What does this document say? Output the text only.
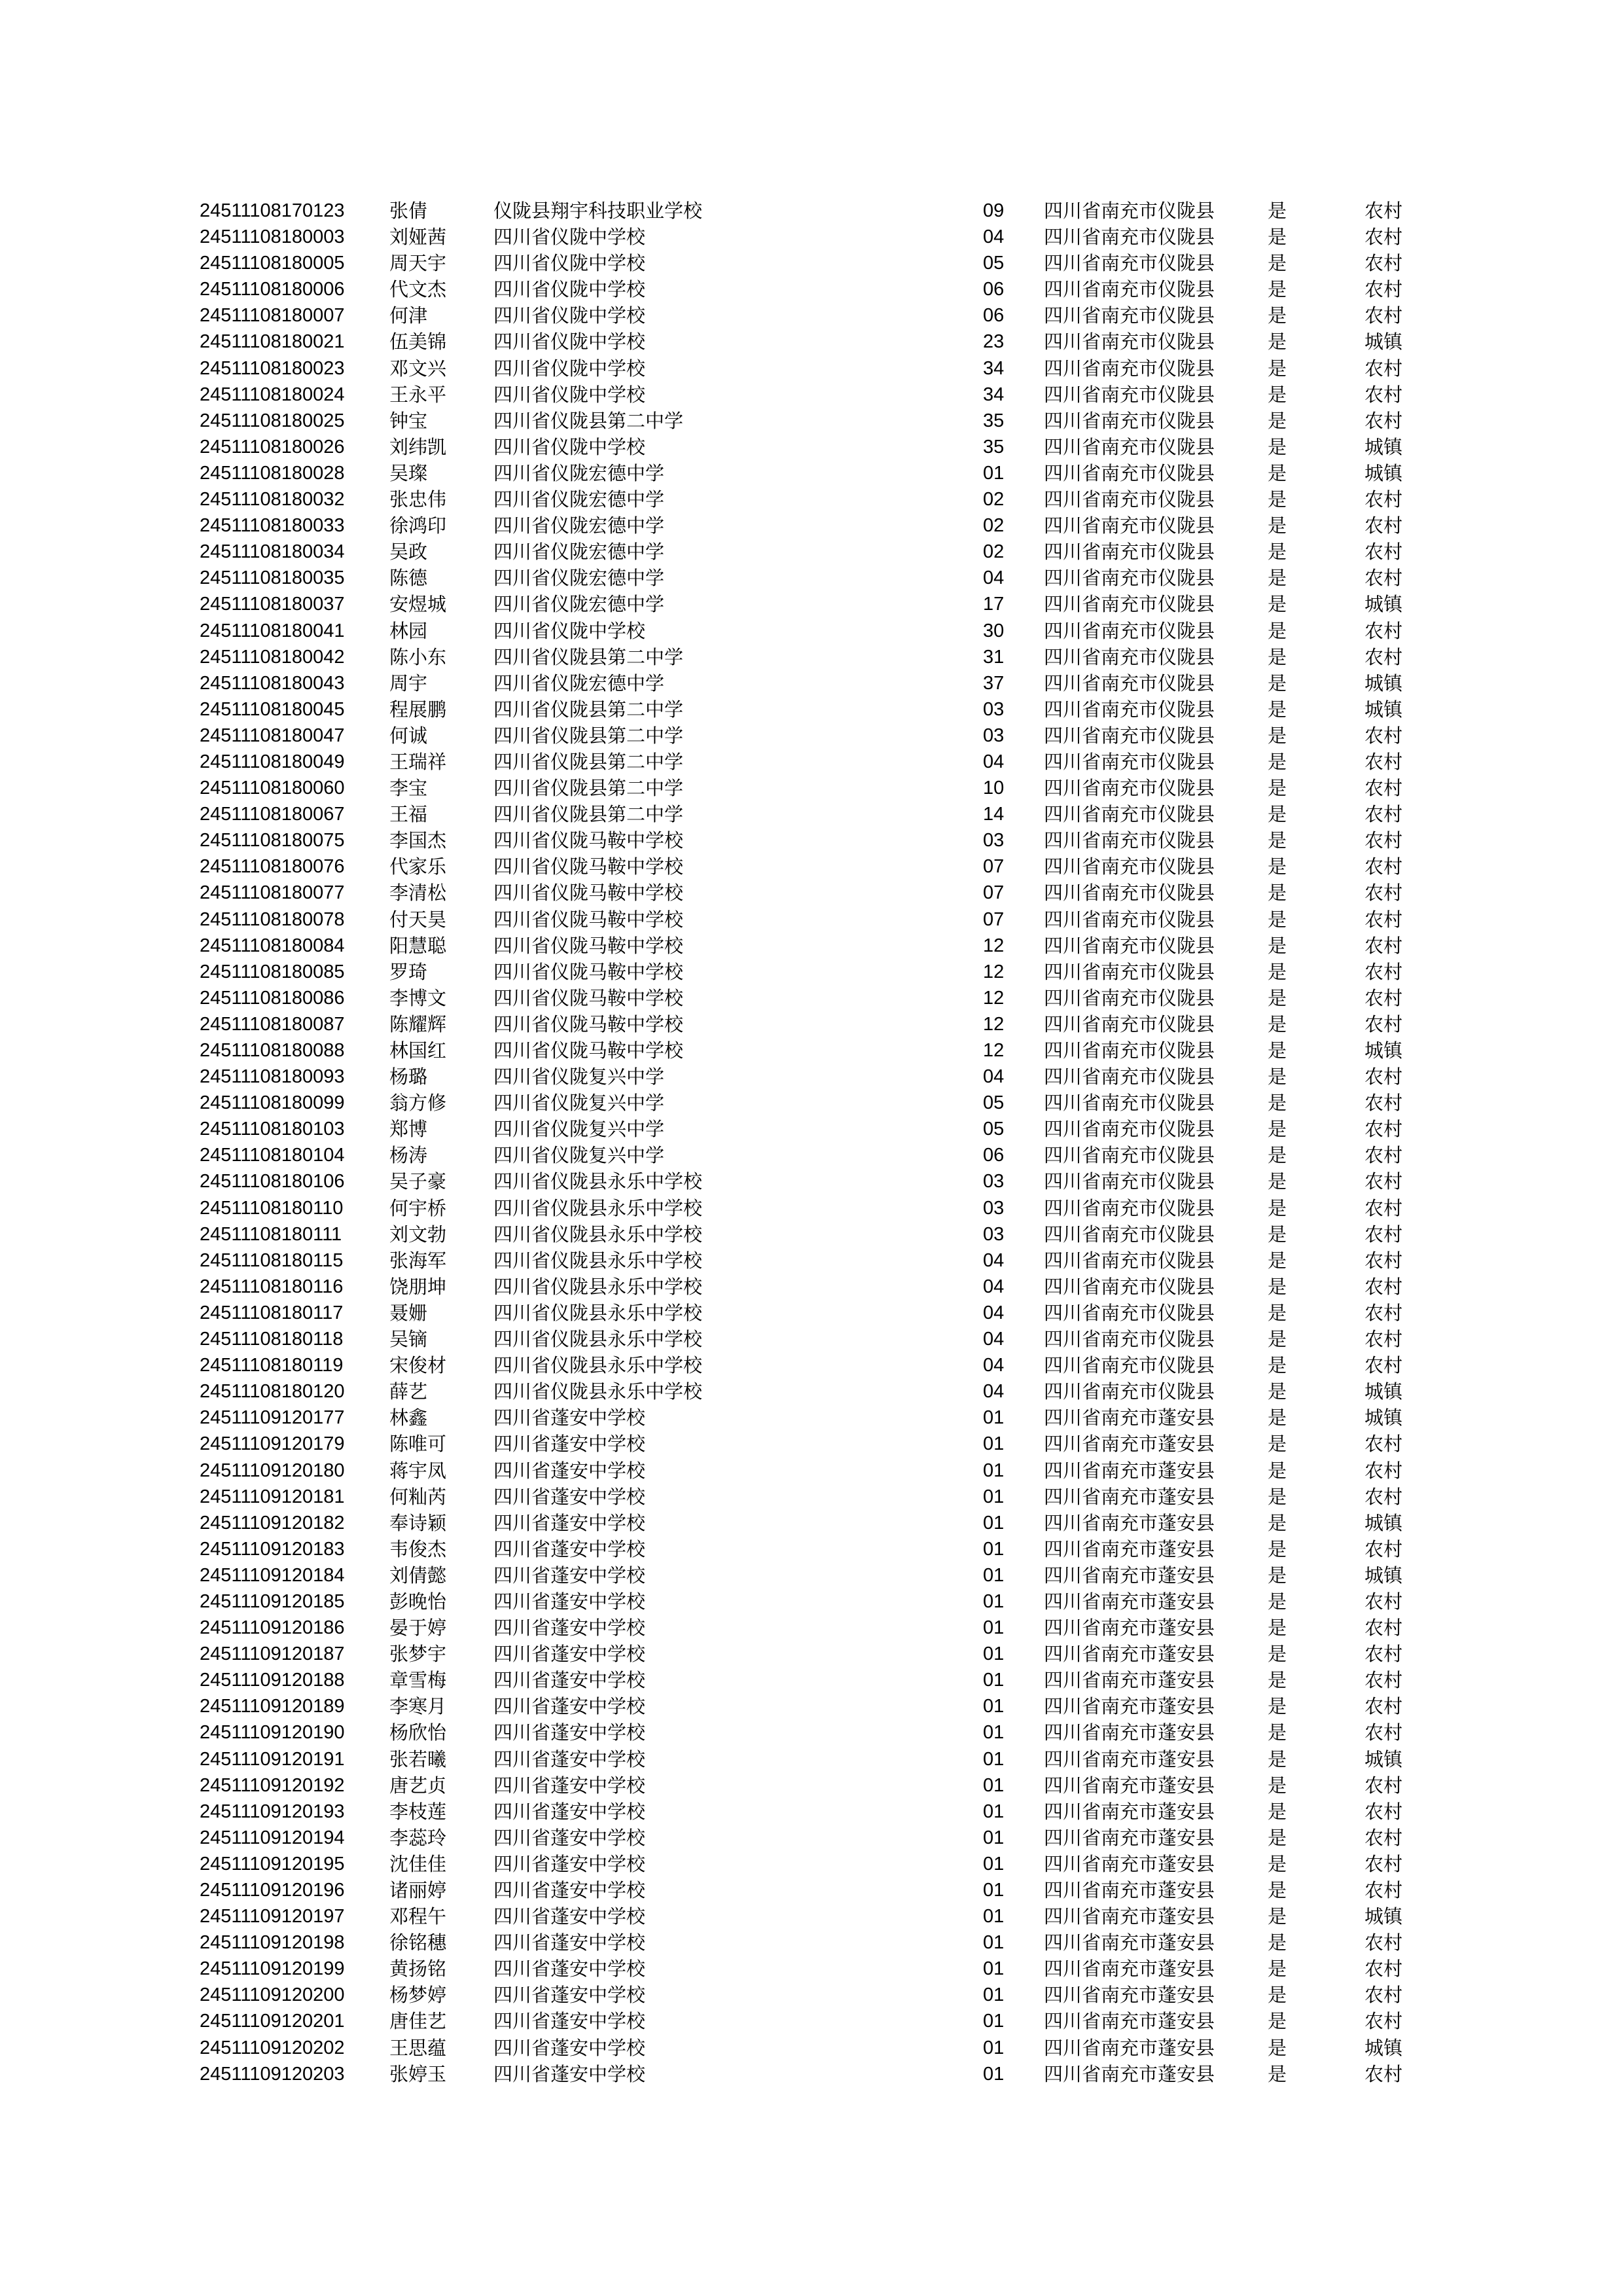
24511108170123 张倩	仪陇县翔宇科技职业学校	09 四川省南充市仪陇县	是	农村
24511108180003 刘娅茜 四川省仪陇中学校	04 四川省南充市仪陇县	是	农村
24511108180005 周天宇 四川省仪陇中学校	05 四川省南充市仪陇县	是	农村
24511108180006 代文杰 四川省仪陇中学校	06 四川省南充市仪陇县	是	农村
24511108180007 何津	四川省仪陇中学校	06 四川省南充市仪陇县	是	农村
24511108180021 伍美锦 四川省仪陇中学校	23 四川省南充市仪陇县	是	城镇
24511108180023 邓文兴 四川省仪陇中学校	34 四川省南充市仪陇县	是	农村
24511108180024 王永平 四川省仪陇中学校	34 四川省南充市仪陇县	是	农村
24511108180025 钟宝	四川省仪陇县第二中学	35 四川省南充市仪陇县	是	农村
24511108180026 刘纬凯 四川省仪陇中学校	35 四川省南充市仪陇县	是	城镇
24511108180028 吴璨	四川省仪陇宏德中学	01 四川省南充市仪陇县	是	城镇
24511108180032 张忠伟 四川省仪陇宏德中学	02 四川省南充市仪陇县	是	农村
24511108180033 徐鸿印 四川省仪陇宏德中学	02 四川省南充市仪陇县	是	农村
24511108180034 吴政	四川省仪陇宏德中学	02 四川省南充市仪陇县	是	农村
24511108180035 陈德	四川省仪陇宏德中学	04 四川省南充市仪陇县	是	农村
24511108180037 安煜城 四川省仪陇宏德中学	17 四川省南充市仪陇县	是	城镇
24511108180041 林园	四川省仪陇中学校	30 四川省南充市仪陇县	是	农村
24511108180042 陈小东 四川省仪陇县第二中学	31 四川省南充市仪陇县	是	农村
24511108180043 周宇	四川省仪陇宏德中学	37 四川省南充市仪陇县	是	城镇
24511108180045 程展鹏 四川省仪陇县第二中学	03 四川省南充市仪陇县	是	城镇
24511108180047 何诚	四川省仪陇县第二中学	03 四川省南充市仪陇县	是	农村
24511108180049 王瑞祥 四川省仪陇县第二中学	04 四川省南充市仪陇县	是	农村
24511108180060 李宝	四川省仪陇县第二中学	10 四川省南充市仪陇县	是	农村
24511108180067 王福	四川省仪陇县第二中学	14 四川省南充市仪陇县	是	农村
24511108180075 李国杰 四川省仪陇马鞍中学校	03 四川省南充市仪陇县	是	农村
24511108180076 代家乐 四川省仪陇马鞍中学校	07 四川省南充市仪陇县	是	农村
24511108180077 李清松 四川省仪陇马鞍中学校	07 四川省南充市仪陇县	是	农村
24511108180078 付天昊 四川省仪陇马鞍中学校	07 四川省南充市仪陇县	是	农村
24511108180084 阳慧聪 四川省仪陇马鞍中学校	12 四川省南充市仪陇县	是	农村
24511108180085 罗琦	四川省仪陇马鞍中学校	12 四川省南充市仪陇县	是	农村
24511108180086 李博文 四川省仪陇马鞍中学校	12 四川省南充市仪陇县	是	农村
24511108180087 陈耀辉 四川省仪陇马鞍中学校	12 四川省南充市仪陇县	是	农村
24511108180088 林国红 四川省仪陇马鞍中学校	12 四川省南充市仪陇县	是	城镇
24511108180093 杨璐	四川省仪陇复兴中学	04 四川省南充市仪陇县	是	农村
24511108180099 翁方修 四川省仪陇复兴中学	05 四川省南充市仪陇县	是	农村
24511108180103 郑博	四川省仪陇复兴中学	05 四川省南充市仪陇县	是	农村
24511108180104 杨涛	四川省仪陇复兴中学	06 四川省南充市仪陇县	是	农村
24511108180106 吴子豪 四川省仪陇县永乐中学校	03 四川省南充市仪陇县	是	农村
24511108180110 何宇桥 四川省仪陇县永乐中学校	03 四川省南充市仪陇县	是	农村
24511108180111	刘文勃 四川省仪陇县永乐中学校	03 四川省南充市仪陇县	是	农村
24511108180115 张海军 四川省仪陇县永乐中学校	04 四川省南充市仪陇县	是	农村
24511108180116 饶朋坤 四川省仪陇县永乐中学校	04 四川省南充市仪陇县	是	农村
24511108180117 聂姗	四川省仪陇县永乐中学校	04 四川省南充市仪陇县	是	农村
24511108180118 吴镝	四川省仪陇县永乐中学校	04 四川省南充市仪陇县	是	农村
24511108180119 宋俊材 四川省仪陇县永乐中学校	04 四川省南充市仪陇县	是	农村
24511108180120 薛艺	四川省仪陇县永乐中学校	04 四川省南充市仪陇县	是	城镇
24511109120177 林鑫	四川省蓬安中学校	01 四川省南充市蓬安县	是	城镇
24511109120179 陈唯可 四川省蓬安中学校	01 四川省南充市蓬安县	是	农村
24511109120180 蒋宇凤 四川省蓬安中学校	01 四川省南充市蓬安县	是	农村
24511109120181 何籼芮 四川省蓬安中学校	01 四川省南充市蓬安县	是	农村
24511109120182 奉诗颖 四川省蓬安中学校	01 四川省南充市蓬安县	是	城镇
24511109120183 韦俊杰 四川省蓬安中学校	01 四川省南充市蓬安县	是	农村
24511109120184 刘倩懿 四川省蓬安中学校	01 四川省南充市蓬安县	是	城镇
24511109120185 彭晚怡 四川省蓬安中学校	01 四川省南充市蓬安县	是	农村
24511109120186 晏于婷 四川省蓬安中学校	01 四川省南充市蓬安县	是	农村
24511109120187 张梦宇 四川省蓬安中学校	01 四川省南充市蓬安县	是	农村
24511109120188 章雪梅 四川省蓬安中学校	01 四川省南充市蓬安县	是	农村
24511109120189 李寒月 四川省蓬安中学校	01 四川省南充市蓬安县	是	农村
24511109120190 杨欣怡 四川省蓬安中学校	01 四川省南充市蓬安县	是	农村
24511109120191 张若曦 四川省蓬安中学校	01 四川省南充市蓬安县	是	城镇
24511109120192 唐艺贞 四川省蓬安中学校	01 四川省南充市蓬安县	是	农村
24511109120193 李枝莲 四川省蓬安中学校	01 四川省南充市蓬安县	是	农村
24511109120194 李蕊玲 四川省蓬安中学校	01 四川省南充市蓬安县	是	农村
24511109120195 沈佳佳 四川省蓬安中学校	01 四川省南充市蓬安县	是	农村
24511109120196 诸丽婷 四川省蓬安中学校	01 四川省南充市蓬安县	是	农村
24511109120197 邓程午 四川省蓬安中学校	01 四川省南充市蓬安县	是	城镇
24511109120198 徐铭穗 四川省蓬安中学校	01 四川省南充市蓬安县	是	农村
24511109120199 黄扬铭 四川省蓬安中学校	01 四川省南充市蓬安县	是	农村
24511109120200 杨梦婷 四川省蓬安中学校	01 四川省南充市蓬安县	是	农村
24511109120201 唐佳艺 四川省蓬安中学校	01 四川省南充市蓬安县	是	农村
24511109120202 王思蕴 四川省蓬安中学校	01 四川省南充市蓬安县	是	城镇
24511109120203 张婷玉 四川省蓬安中学校	01 四川省南充市蓬安县	是	农村
